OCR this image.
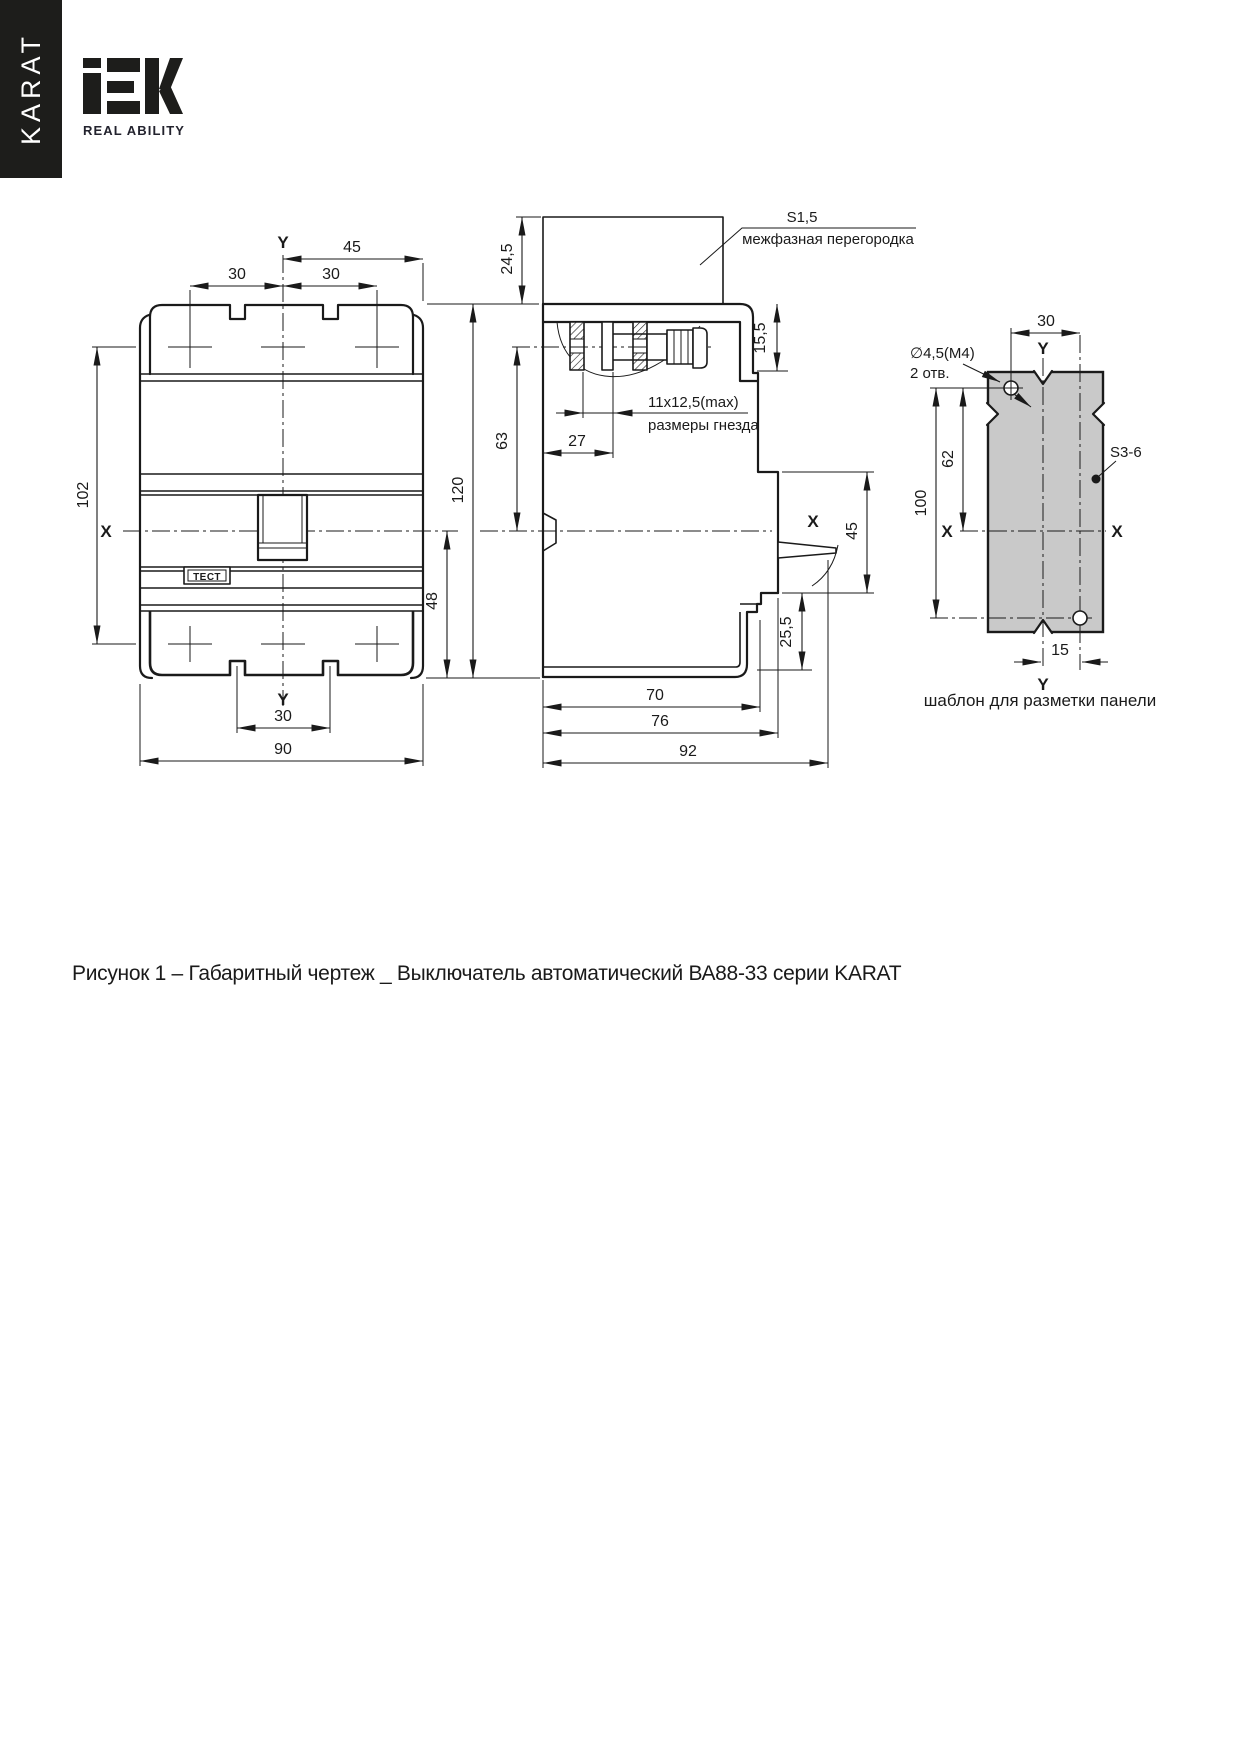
KARAT	REAL ABILITY
ТЕСТ
45
30	30
102
48
30
90
Y
Y
X
24,5
15,5
63
120
27
11х12,5(max)
размеры гнезда
45
25,5
70
76
92
S1,5
межфазная перегородка
X
30
62
100
15
∅4,5(M4)
2 отв.
S3-6
Y
Y
X	X
шаблон для разметки панели
Рисунок 1 – Габаритный чертеж _ Выключатель автоматический ВА88-33 серии KARAT
